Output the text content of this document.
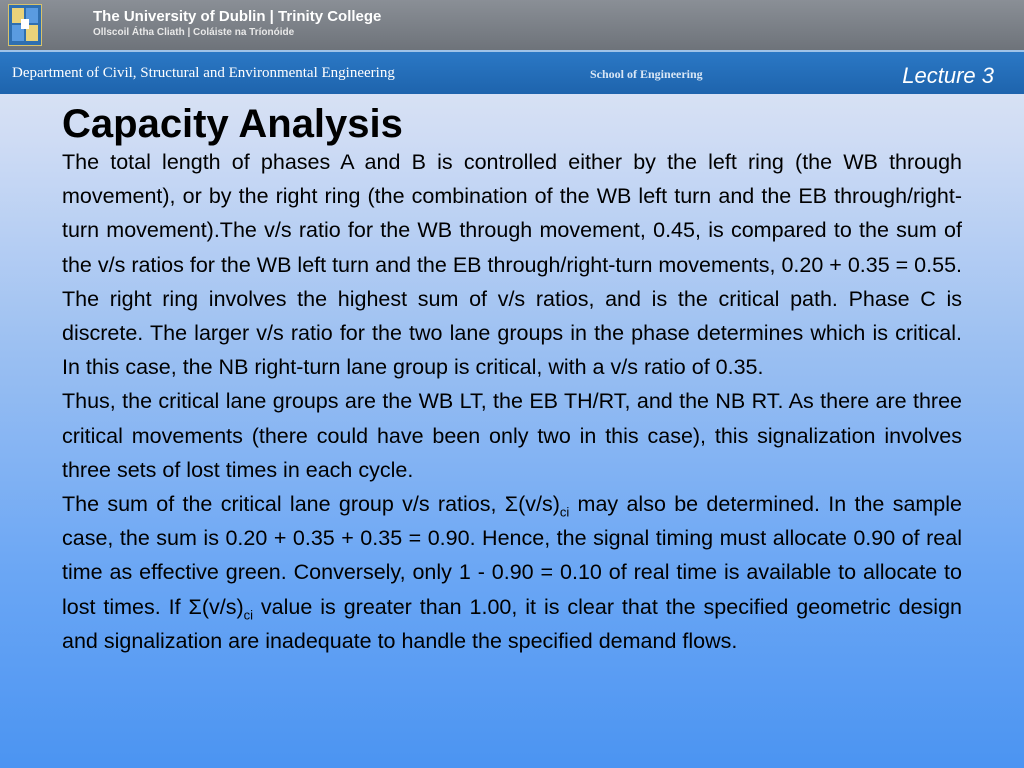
The University of Dublin | Trinity College
Ollscoil Átha Cliath | Coláiste na Tríonóide
Department of Civil, Structural and Environmental Engineering	School of Engineering	Lecture 3
Capacity Analysis

The total length of phases A and B is controlled either by the left ring (the WB through movement), or by the right ring (the combination of the WB left turn and the EB through/right-turn movement).The v/s ratio for the WB through movement, 0.45, is compared to the sum of the v/s ratios for the WB left turn and the EB through/right-turn movements, 0.20 + 0.35 = 0.55. The right ring involves the highest sum of v/s ratios, and is the critical path. Phase C is discrete. The larger v/s ratio for the two lane groups in the phase determines which is critical. In this case, the NB right-turn lane group is critical, with a v/s ratio of 0.35.

Thus, the critical lane groups are the WB LT, the EB TH/RT, and the NB RT. As there are three critical movements (there could have been only two in this case), this signalization involves three sets of lost times in each cycle.

The sum of the critical lane group v/s ratios, $\Sigma(v/s)_{ci}$ may also be determined. In the sample case, the sum is 0.20 + 0.35 + 0.35 = 0.90. Hence, the signal timing must allocate 0.90 of real time as effective green. Conversely, only 1 - 0.90 = 0.10 of real time is available to allocate to lost times. If $\Sigma(v/s)_{ci}$ value is greater than 1.00, it is clear that the specified geometric design and signalization are inadequate to handle the specified demand flows.
